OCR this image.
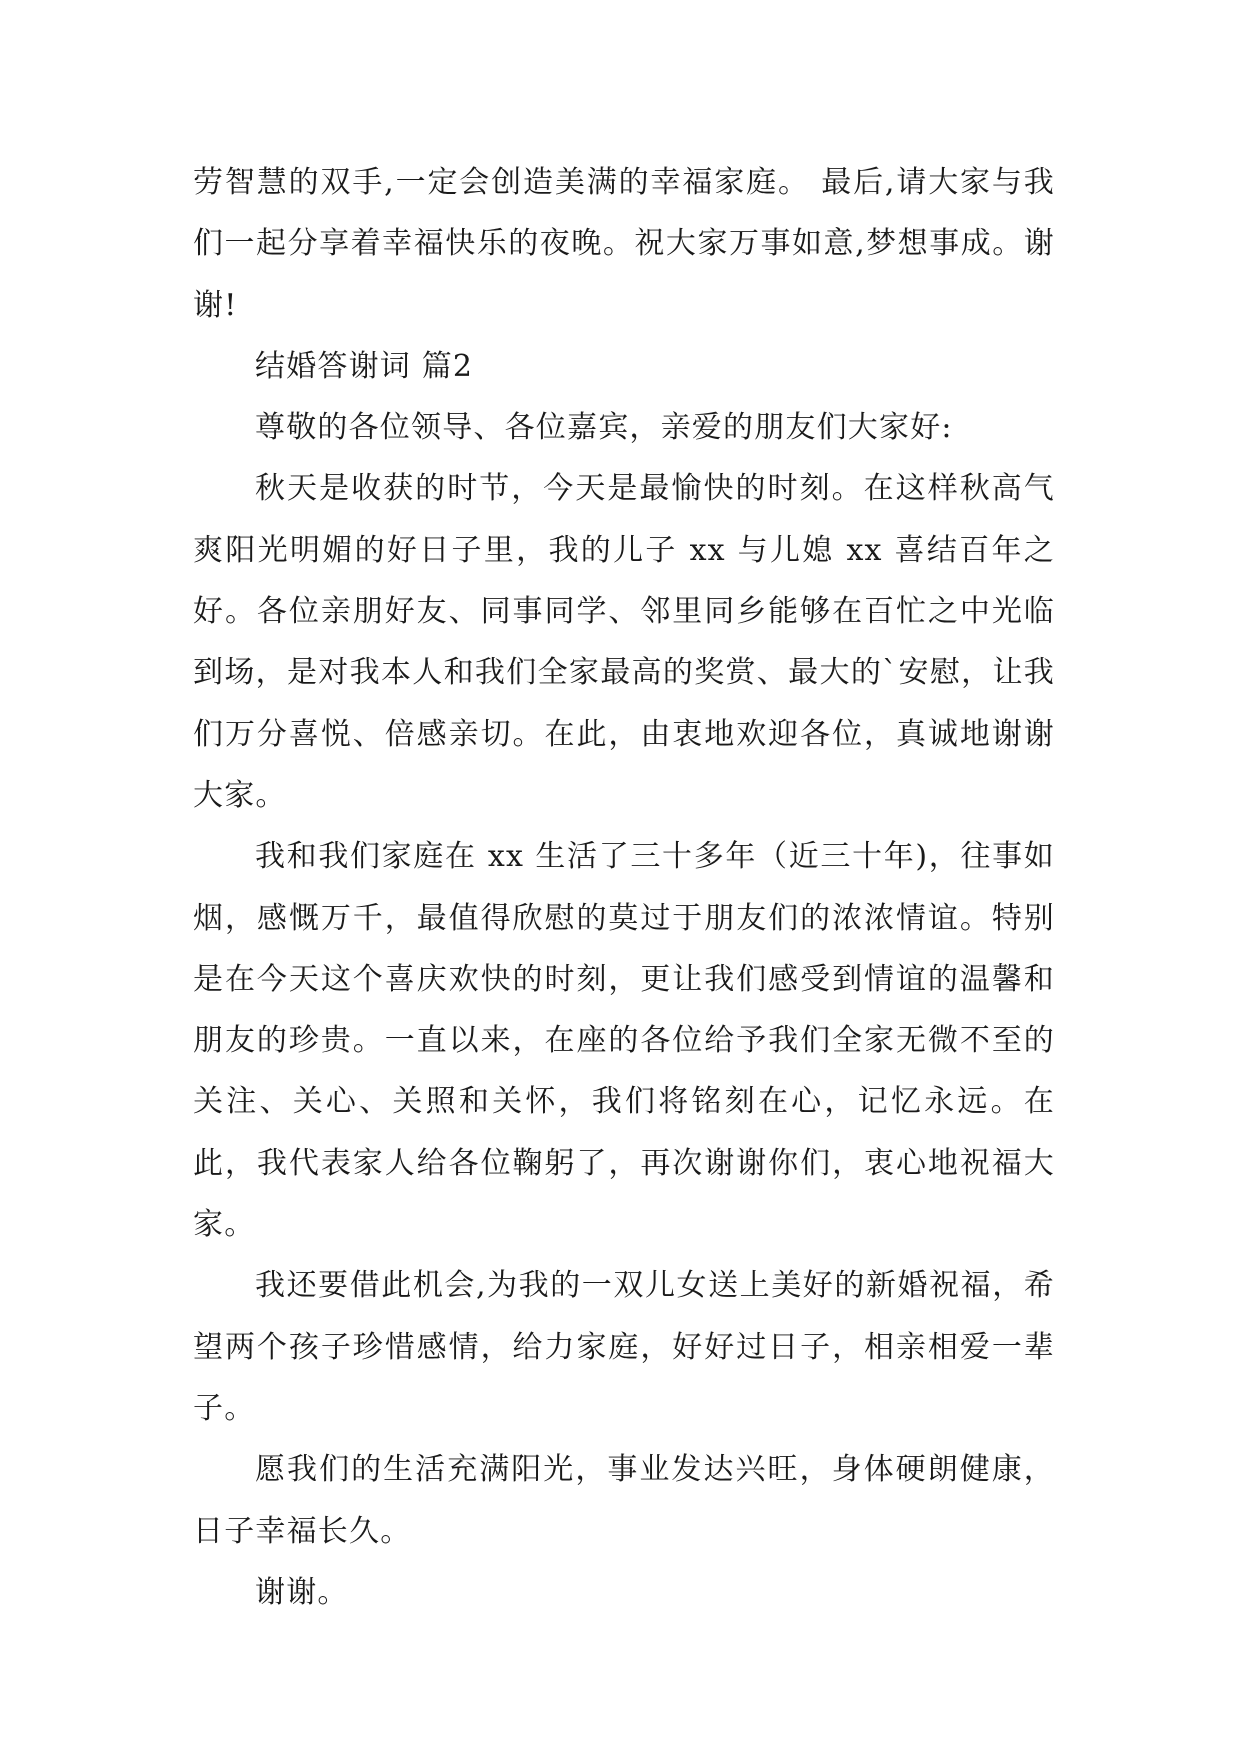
劳智慧的双手,一定会创造美满的幸福家庭。 最后,请大家与我们一起分享着幸福快乐的夜晚。祝大家万事如意,梦想事成。谢谢!

结婚答谢词 篇2

尊敬的各位领导、各位嘉宾，亲爱的朋友们大家好:

秋天是收获的时节，今天是最愉快的时刻。在这样秋高气爽阳光明媚的好日子里，我的儿子 xx 与儿媳 xx 喜结百年之好。各位亲朋好友、同事同学、邻里同乡能够在百忙之中光临到场，是对我本人和我们全家最高的奖赏、最大的`安慰，让我们万分喜悦、倍感亲切。在此，由衷地欢迎各位，真诚地谢谢大家。

我和我们家庭在 xx 生活了三十多年（近三十年)，往事如烟，感慨万千，最值得欣慰的莫过于朋友们的浓浓情谊。特别是在今天这个喜庆欢快的时刻，更让我们感受到情谊的温馨和朋友的珍贵。一直以来，在座的各位给予我们全家无微不至的关注、关心、关照和关怀，我们将铭刻在心，记忆永远。在此，我代表家人给各位鞠躬了，再次谢谢你们，衷心地祝福大家。

我还要借此机会,为我的一双儿女送上美好的新婚祝福，希望两个孩子珍惜感情，给力家庭，好好过日子，相亲相爱一辈子。

愿我们的生活充满阳光，事业发达兴旺，身体硬朗健康，日子幸福长久。

谢谢。
